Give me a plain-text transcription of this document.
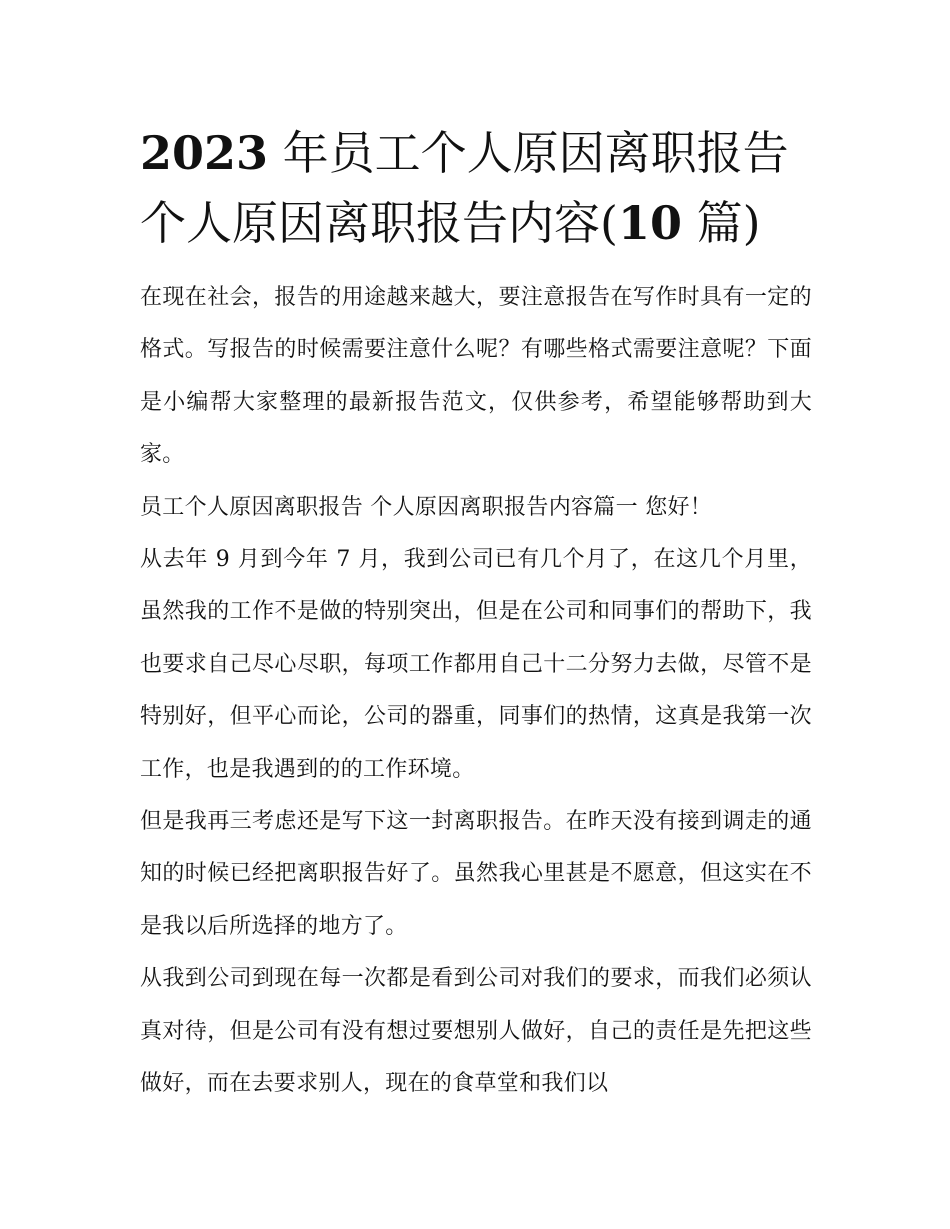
2023 年员工个人原因离职报告
个人原因离职报告内容(10 篇)

在现在社会，报告的用途越来越大，要注意报告在写作时具有一定的格式。写报告的时候需要注意什么呢？有哪些格式需要注意呢？下面是小编帮大家整理的最新报告范文，仅供参考，希望能够帮助到大家。

员工个人原因离职报告 个人原因离职报告内容篇一 您好！

从去年 9 月到今年 7 月，我到公司已有几个月了，在这几个月里，虽然我的工作不是做的特别突出，但是在公司和同事们的帮助下，我也要求自己尽心尽职，每项工作都用自己十二分努力去做，尽管不是特别好，但平心而论，公司的器重，同事们的热情，这真是我第一次工作，也是我遇到的的工作环境。

但是我再三考虑还是写下这一封离职报告。在昨天没有接到调走的通知的时候已经把离职报告好了。虽然我心里甚是不愿意，但这实在不是我以后所选择的地方了。

从我到公司到现在每一次都是看到公司对我们的要求，而我们必须认真对待，但是公司有没有想过要想别人做好，自己的责任是先把这些做好，而在去要求别人，现在的食草堂和我们以
